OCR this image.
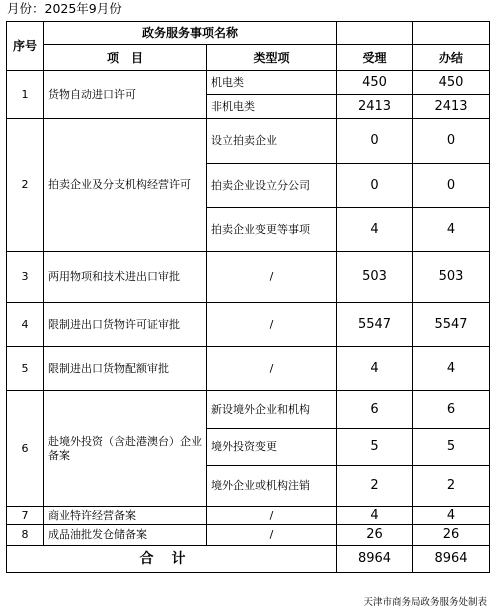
月份：2025年9月份
序号	政务服务事项名称			
	项　目	类型项	受理	办结
1	货物自动进口许可	机电类	450	450
		非机电类	2413	2413
2	拍卖企业及分支机构经营许可	设立拍卖企业	0	0
		拍卖企业设立分公司	0	0
		拍卖企业变更等事项	4	4
3	两用物项和技术进出口审批	/	503	503
4	限制进出口货物许可证审批	/	5547	5547
5	限制进出口货物配额审批	/	4	4
6	赴境外投资（含赴港澳台）企业备案	新设境外企业和机构	6	6
		境外投资变更	5	5
		境外企业或机构注销	2	2
7	商业特许经营备案	/	4	4
8	成品油批发仓储备案	/	26	26
合计			8964	8964
天津市商务局政务服务处制表
